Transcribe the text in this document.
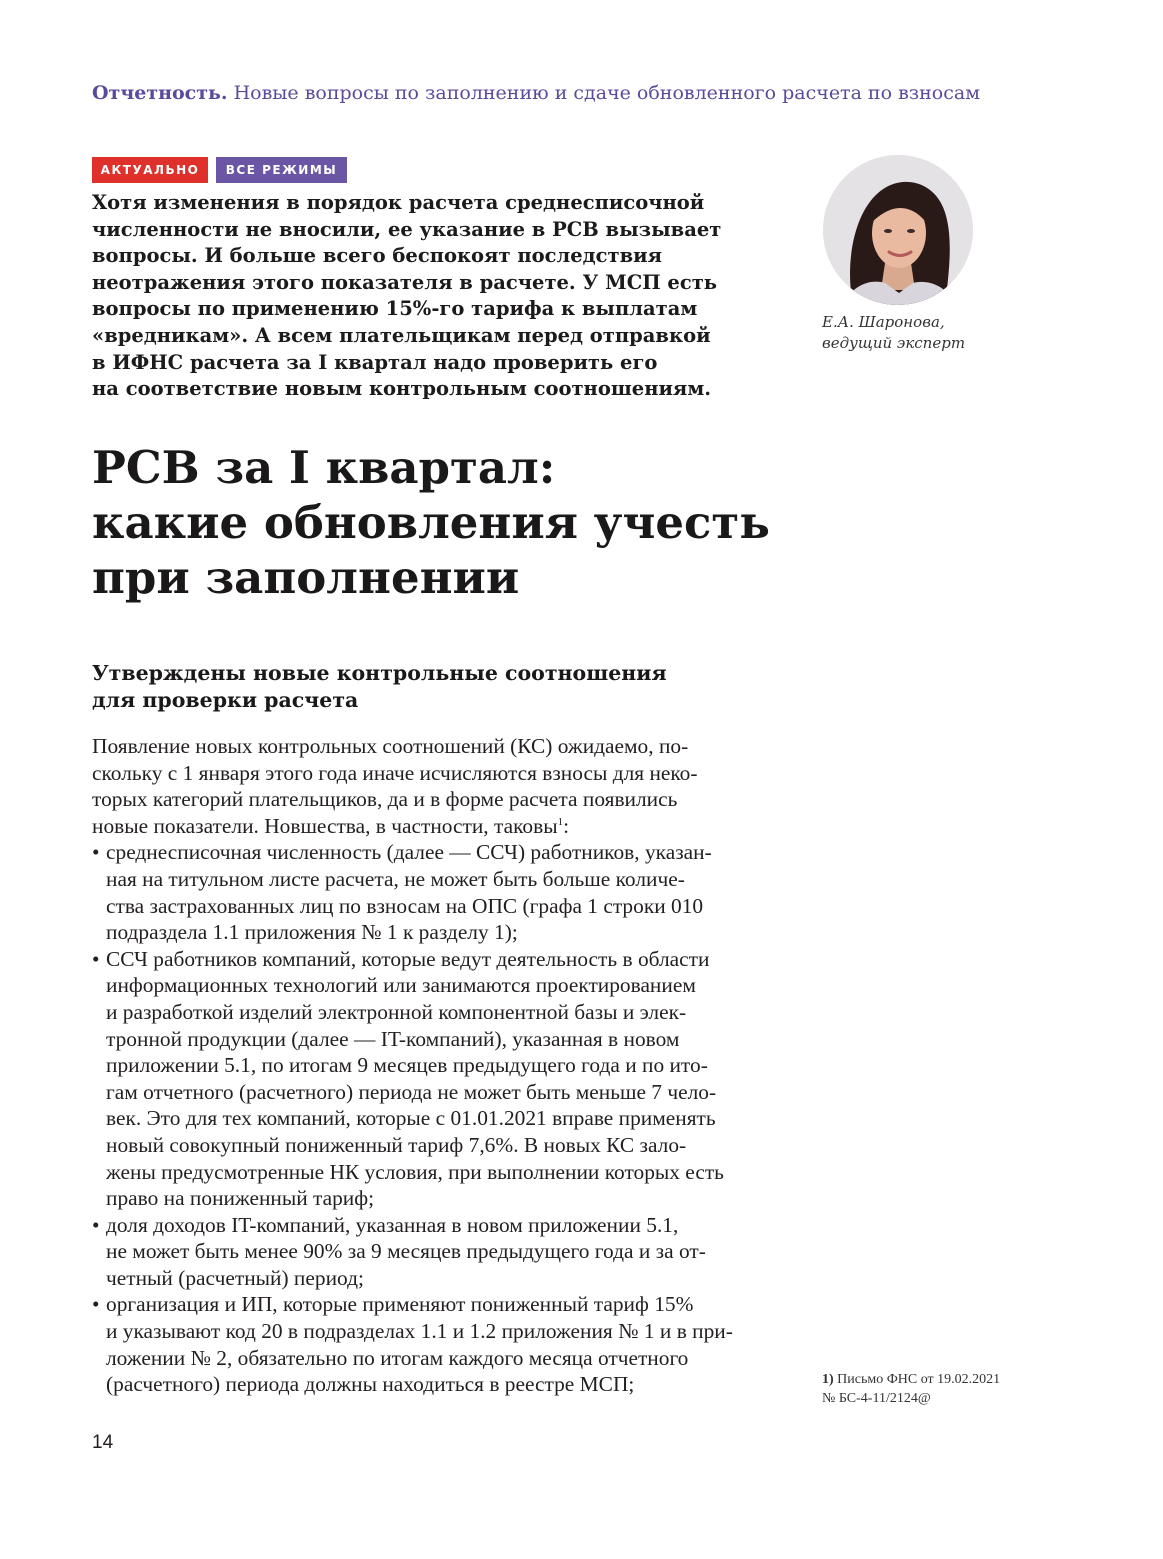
Отчетность. Новые вопросы по заполнению и сдаче обновленного расчета по взносам
АКТУАЛЬНО	ВСЕ РЕЖИМЫ
Хотя изменения в порядок расчета среднесписочной
численности не вносили, ее указание в РСВ вызывает
вопросы. И больше всего беспокоят последствия
неотражения этого показателя в расчете. У МСП есть
вопросы по применению 15%-го тарифа к выплатам
«вредникам». А всем плательщикам перед отправкой
в ИФНС расчета за I квартал надо проверить его
на соответствие новым контрольным соотношениям.
Е.А. Шаронова,
ведущий эксперт
РСВ за I квартал:
какие обновления учесть
при заполнении
Утверждены новые контрольные соотношения
для проверки расчета
Появление новых контрольных соотношений (КС) ожидаемо, по-
скольку с 1 января этого года иначе исчисляются взносы для неко-
торых категорий плательщиков, да и в форме расчета появились
новые показатели. Новшества, в частности, таковы$^1$:
• среднесписочная численность (далее — ССЧ) работников, указан-
ная на титульном листе расчета, не может быть больше количе-
ства застрахованных лиц по взносам на ОПС (графа 1 строки 010
подраздела 1.1 приложения № 1 к разделу 1);
• ССЧ работников компаний, которые ведут деятельность в области
информационных технологий или занимаются проектированием
и разработкой изделий электронной компонентной базы и элек-
тронной продукции (далее — IT-компаний), указанная в новом
приложении 5.1, по итогам 9 месяцев предыдущего года и по ито-
гам отчетного (расчетного) периода не может быть меньше 7 чело-
век. Это для тех компаний, которые с 01.01.2021 вправе применять
новый совокупный пониженный тариф 7,6%. В новых КС зало-
жены предусмотренные НК условия, при выполнении которых есть
право на пониженный тариф;
• доля доходов IT-компаний, указанная в новом приложении 5.1,
не может быть менее 90% за 9 месяцев предыдущего года и за от-
четный (расчетный) период;
• организация и ИП, которые применяют пониженный тариф 15%
и указывают код 20 в подразделах 1.1 и 1.2 приложения № 1 и в при-
ложении № 2, обязательно по итогам каждого месяца отчетного
(расчетного) периода должны находиться в реестре МСП;	1) Письмо ФНС от 19.02.2021
№ БС-4-11/2124@
14
